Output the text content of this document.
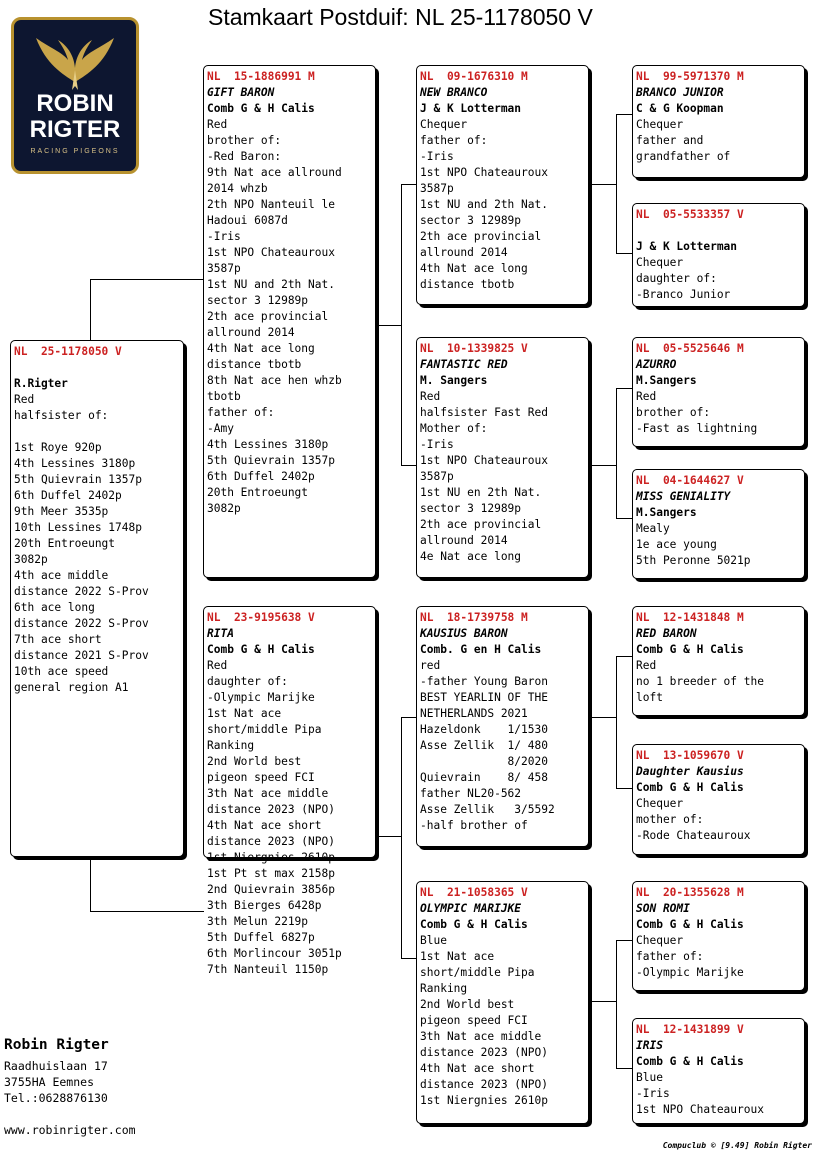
Stamkaart Postduif: NL 25-1178050 V
ROBIN
RIGTER
RACING PIGEONS
NL  25-1178050 V
R.Rigter
Red
halfsister of:

1st Roye 920p
4th Lessines 3180p
5th Quievrain 1357p
6th Duffel 2402p
9th Meer 3535p
10th Lessines 1748p
20th Entroeungt
3082p
4th ace middle
distance 2022 S-Prov
6th ace long
distance 2022 S-Prov
7th ace short
distance 2021 S-Prov
10th ace speed
general region A1
NL  15-1886991 M
GIFT BARON
Comb G & H Calis
Red
brother of:
-Red Baron:
9th Nat ace allround
2014 whzb
2th NPO Nanteuil le
Hadoui 6087d
-Iris
1st NPO Chateauroux
3587p
1st NU and 2th Nat.
sector 3 12989p
2th ace provincial
allround 2014
4th Nat ace long
distance tbotb
8th Nat ace hen whzb
tbotb
father of:
-Amy
4th Lessines 3180p
5th Quievrain 1357p
6th Duffel 2402p
20th Entroeungt
3082p
NL  23-9195638 V
RITA
Comb G & H Calis
Red
daughter of:
-Olympic Marijke
1st Nat ace
short/middle Pipa
Ranking
2nd World best
pigeon speed FCI
3th Nat ace middle
distance 2023 (NPO)
4th Nat ace short
distance 2023 (NPO)
1st Niergnies 2610p
1st Pt st max 2158p
2nd Quievrain 3856p
3th Bierges 6428p
3th Melun 2219p
5th Duffel 6827p
6th Morlincour 3051p
7th Nanteuil 1150p
NL  09-1676310 M
NEW BRANCO
J & K Lotterman
Chequer
father of:
-Iris
1st NPO Chateauroux
3587p
1st NU and 2th Nat.
sector 3 12989p
2th ace provincial
allround 2014
4th Nat ace long
distance tbotb
NL  10-1339825 V
FANTASTIC RED
M. Sangers
Red
halfsister Fast Red
Mother of:
-Iris
1st NPO Chateauroux
3587p
1st NU en 2th Nat.
sector 3 12989p
2th ace provincial
allround 2014
4e Nat ace long
NL  18-1739758 M
KAUSIUS BARON
Comb. G en H Calis
red
-father Young Baron
BEST YEARLIN OF THE
NETHERLANDS 2021
Hazeldonk    1/1530
Asse Zellik  1/ 480
8/2020
Quievrain    8/ 458
father NL20-562
Asse Zellik   3/5592
-half brother of
NL  21-1058365 V
OLYMPIC MARIJKE
Comb G & H Calis
Blue
1st Nat ace
short/middle Pipa
Ranking
2nd World best
pigeon speed FCI
3th Nat ace middle
distance 2023 (NPO)
4th Nat ace short
distance 2023 (NPO)
1st Niergnies 2610p
NL  99-5971370 M
BRANCO JUNIOR
C & G Koopman
Chequer
father and
grandfather of
NL  05-5533357 V
J & K Lotterman
Chequer
daughter of:
-Branco Junior
NL  05-5525646 M
AZURRO
M.Sangers
Red
brother of:
-Fast as lightning
NL  04-1644627 V
MISS GENIALITY
M.Sangers
Mealy
1e ace young
5th Peronne 5021p
NL  12-1431848 M
RED BARON
Comb G & H Calis
Red
no 1 breeder of the
loft
NL  13-1059670 V
Daughter Kausius
Comb G & H Calis
Chequer
mother of:
-Rode Chateauroux
NL  20-1355628 M
SON ROMI
Comb G & H Calis
Chequer
father of:
-Olympic Marijke
NL  12-1431899 V
IRIS
Comb G & H Calis
Blue
-Iris
1st NPO Chateauroux
Robin Rigter
Raadhuislaan 17
3755HA Eemnes
Tel.:0628876130
www.robinrigter.com
Compuclub © [9.49] Robin Rigter
